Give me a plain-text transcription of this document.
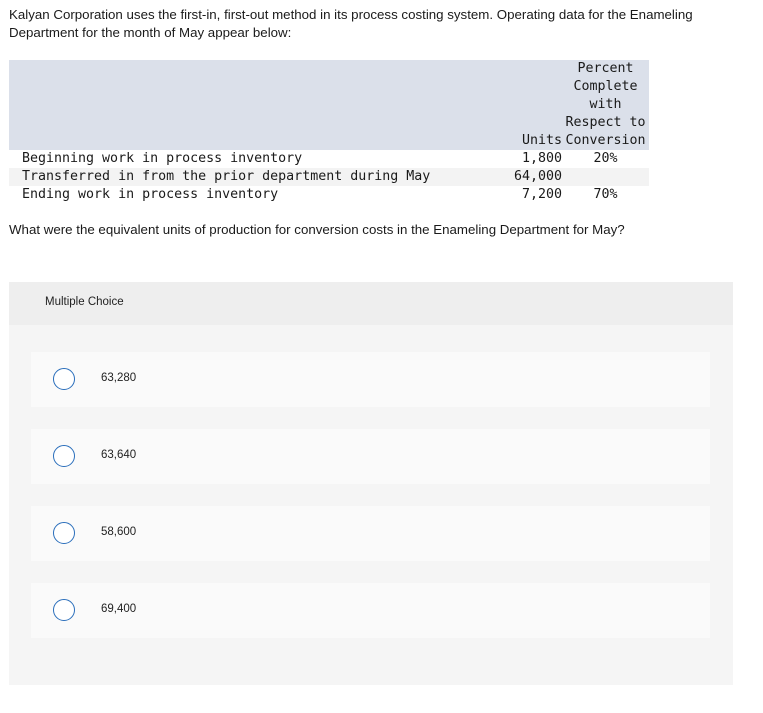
Kalyan Corporation uses the first-in, first-out method in its process costing system. Operating data for the Enameling Department for the month of May appear below:

	Units	Percent
Complete
with
Respect to
Conversion
Beginning work in process inventory	1,800	20%
Transferred in from the prior department during May	64,000	
Ending work in process inventory	7,200	70%

What were the equivalent units of production for conversion costs in the Enameling Department for May?

Multiple Choice
63,280
63,640
58,600
69,400
